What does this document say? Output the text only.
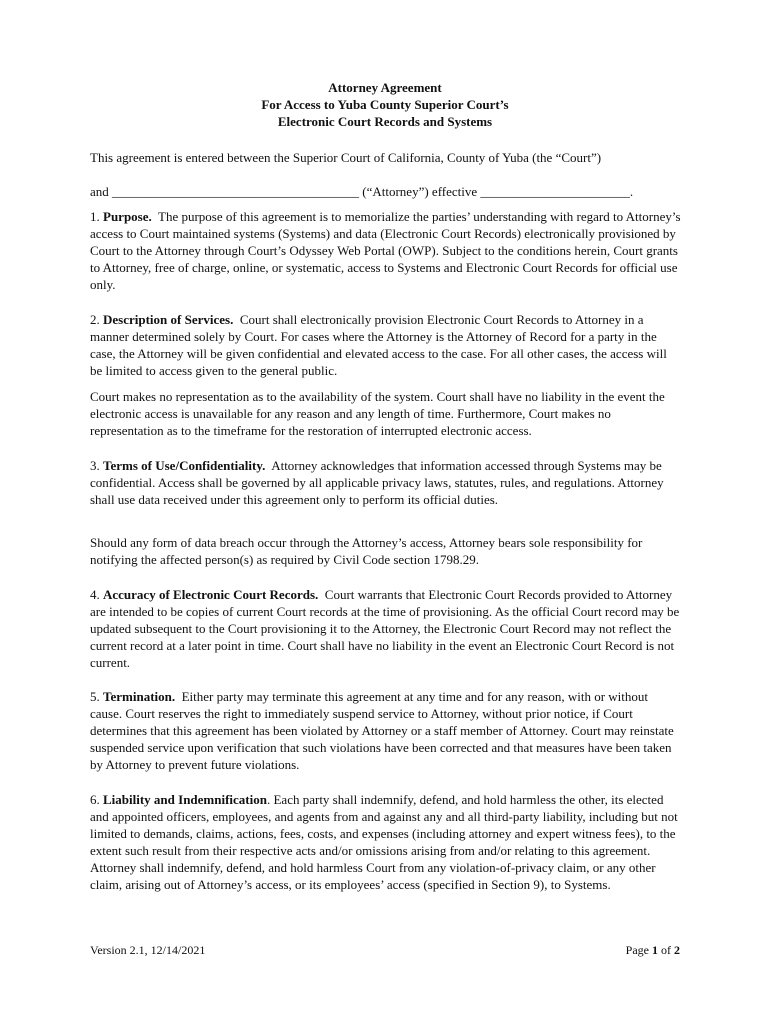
Attorney Agreement
For Access to Yuba County Superior Court’s
Electronic Court Records and Systems
This agreement is entered between the Superior Court of California, County of Yuba (the “Court”)
and ______________________________________ (“Attorney”) effective _______________________.
1. Purpose. The purpose of this agreement is to memorialize the parties’ understanding with regard to Attorney’s access to Court maintained systems (Systems) and data (Electronic Court Records) electronically provisioned by Court to the Attorney through Court’s Odyssey Web Portal (OWP). Subject to the conditions herein, Court grants to Attorney, free of charge, online, or systematic, access to Systems and Electronic Court Records for official use only.
2. Description of Services. Court shall electronically provision Electronic Court Records to Attorney in a manner determined solely by Court. For cases where the Attorney is the Attorney of Record for a party in the case, the Attorney will be given confidential and elevated access to the case. For all other cases, the access will be limited to access given to the general public.
Court makes no representation as to the availability of the system. Court shall have no liability in the event the electronic access is unavailable for any reason and any length of time. Furthermore, Court makes no representation as to the timeframe for the restoration of interrupted electronic access.
3. Terms of Use/Confidentiality. Attorney acknowledges that information accessed through Systems may be confidential. Access shall be governed by all applicable privacy laws, statutes, rules, and regulations. Attorney shall use data received under this agreement only to perform its official duties.
Should any form of data breach occur through the Attorney’s access, Attorney bears sole responsibility for notifying the affected person(s) as required by Civil Code section 1798.29.
4. Accuracy of Electronic Court Records. Court warrants that Electronic Court Records provided to Attorney are intended to be copies of current Court records at the time of provisioning. As the official Court record may be updated subsequent to the Court provisioning it to the Attorney, the Electronic Court Record may not reflect the current record at a later point in time. Court shall have no liability in the event an Electronic Court Record is not current.
5. Termination. Either party may terminate this agreement at any time and for any reason, with or without cause. Court reserves the right to immediately suspend service to Attorney, without prior notice, if Court determines that this agreement has been violated by Attorney or a staff member of Attorney. Court may reinstate suspended service upon verification that such violations have been corrected and that measures have been taken by Attorney to prevent future violations.
6. Liability and Indemnification. Each party shall indemnify, defend, and hold harmless the other, its elected and appointed officers, employees, and agents from and against any and all third-party liability, including but not limited to demands, claims, actions, fees, costs, and expenses (including attorney and expert witness fees), to the extent such result from their respective acts and/or omissions arising from and/or relating to this agreement. Attorney shall indemnify, defend, and hold harmless Court from any violation-of-privacy claim, or any other claim, arising out of Attorney’s access, or its employees’ access (specified in Section 9), to Systems.
Version 2.1, 12/14/2021	Page 1 of 2
